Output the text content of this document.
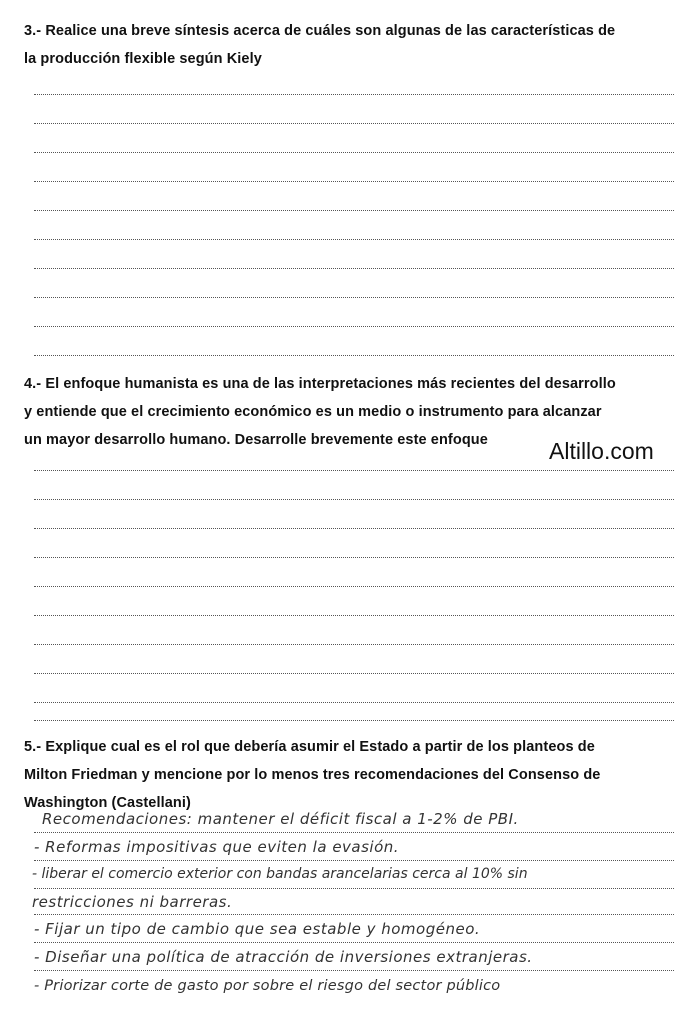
3.- Realice una breve síntesis acerca de cuáles son algunas de las características de
la producción flexible según Kiely
4.- El enfoque humanista es una de las interpretaciones más recientes del desarrollo
y entiende que el crecimiento económico es un medio o instrumento para alcanzar
un mayor desarrollo humano. Desarrolle brevemente este enfoque	Altillo.com
5.- Explique cual es el rol que debería asumir el Estado a partir de los planteos de
Milton Friedman y mencione por lo menos tres recomendaciones del Consenso de
Washington (Castellani)
Recomendaciones: mantener el déficit fiscal a 1-2% de PBI.
- Reformas impositivas que eviten la evasión.
- liberar el comercio exterior con bandas arancelarias cerca al 10% sin
restricciones ni barreras.
- Fijar un tipo de cambio que sea estable y homogéneo.
- Diseñar una política de atracción de inversiones extranjeras.
- Priorizar corte de gasto por sobre el riesgo del sector público
